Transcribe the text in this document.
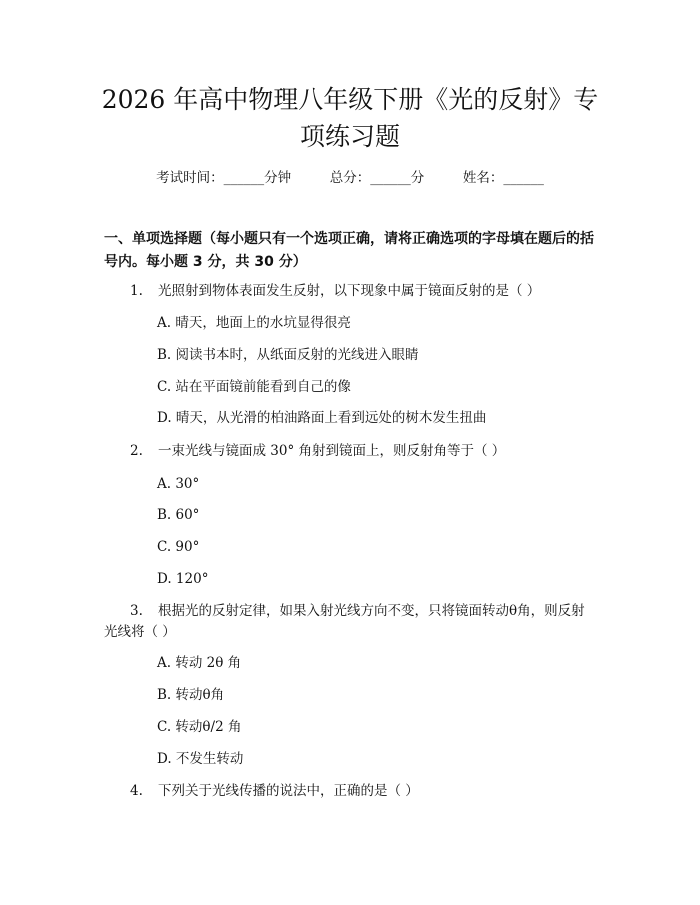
2026 年高中物理八年级下册《光的反射》专
项练习题
考试时间：______分钟	总分：______分	姓名：______
一、单项选择题（每小题只有一个选项正确，请将正确选项的字母填在题后的括
号内。每小题 3 分，共 30 分）
1. 光照射到物体表面发生反射，以下现象中属于镜面反射的是（ ）
A. 晴天，地面上的水坑显得很亮
B. 阅读书本时，从纸面反射的光线进入眼睛
C. 站在平面镜前能看到自己的像
D. 晴天，从光滑的柏油路面上看到远处的树木发生扭曲
2. 一束光线与镜面成 30° 角射到镜面上，则反射角等于（ ）
A. 30°
B. 60°
C. 90°
D. 120°
3. 根据光的反射定律，如果入射光线方向不变，只将镜面转动θ角，则反射
光线将（ ）
A. 转动 2θ 角
B. 转动θ角
C. 转动θ/2 角
D. 不发生转动
4. 下列关于光线传播的说法中，正确的是（ ）
